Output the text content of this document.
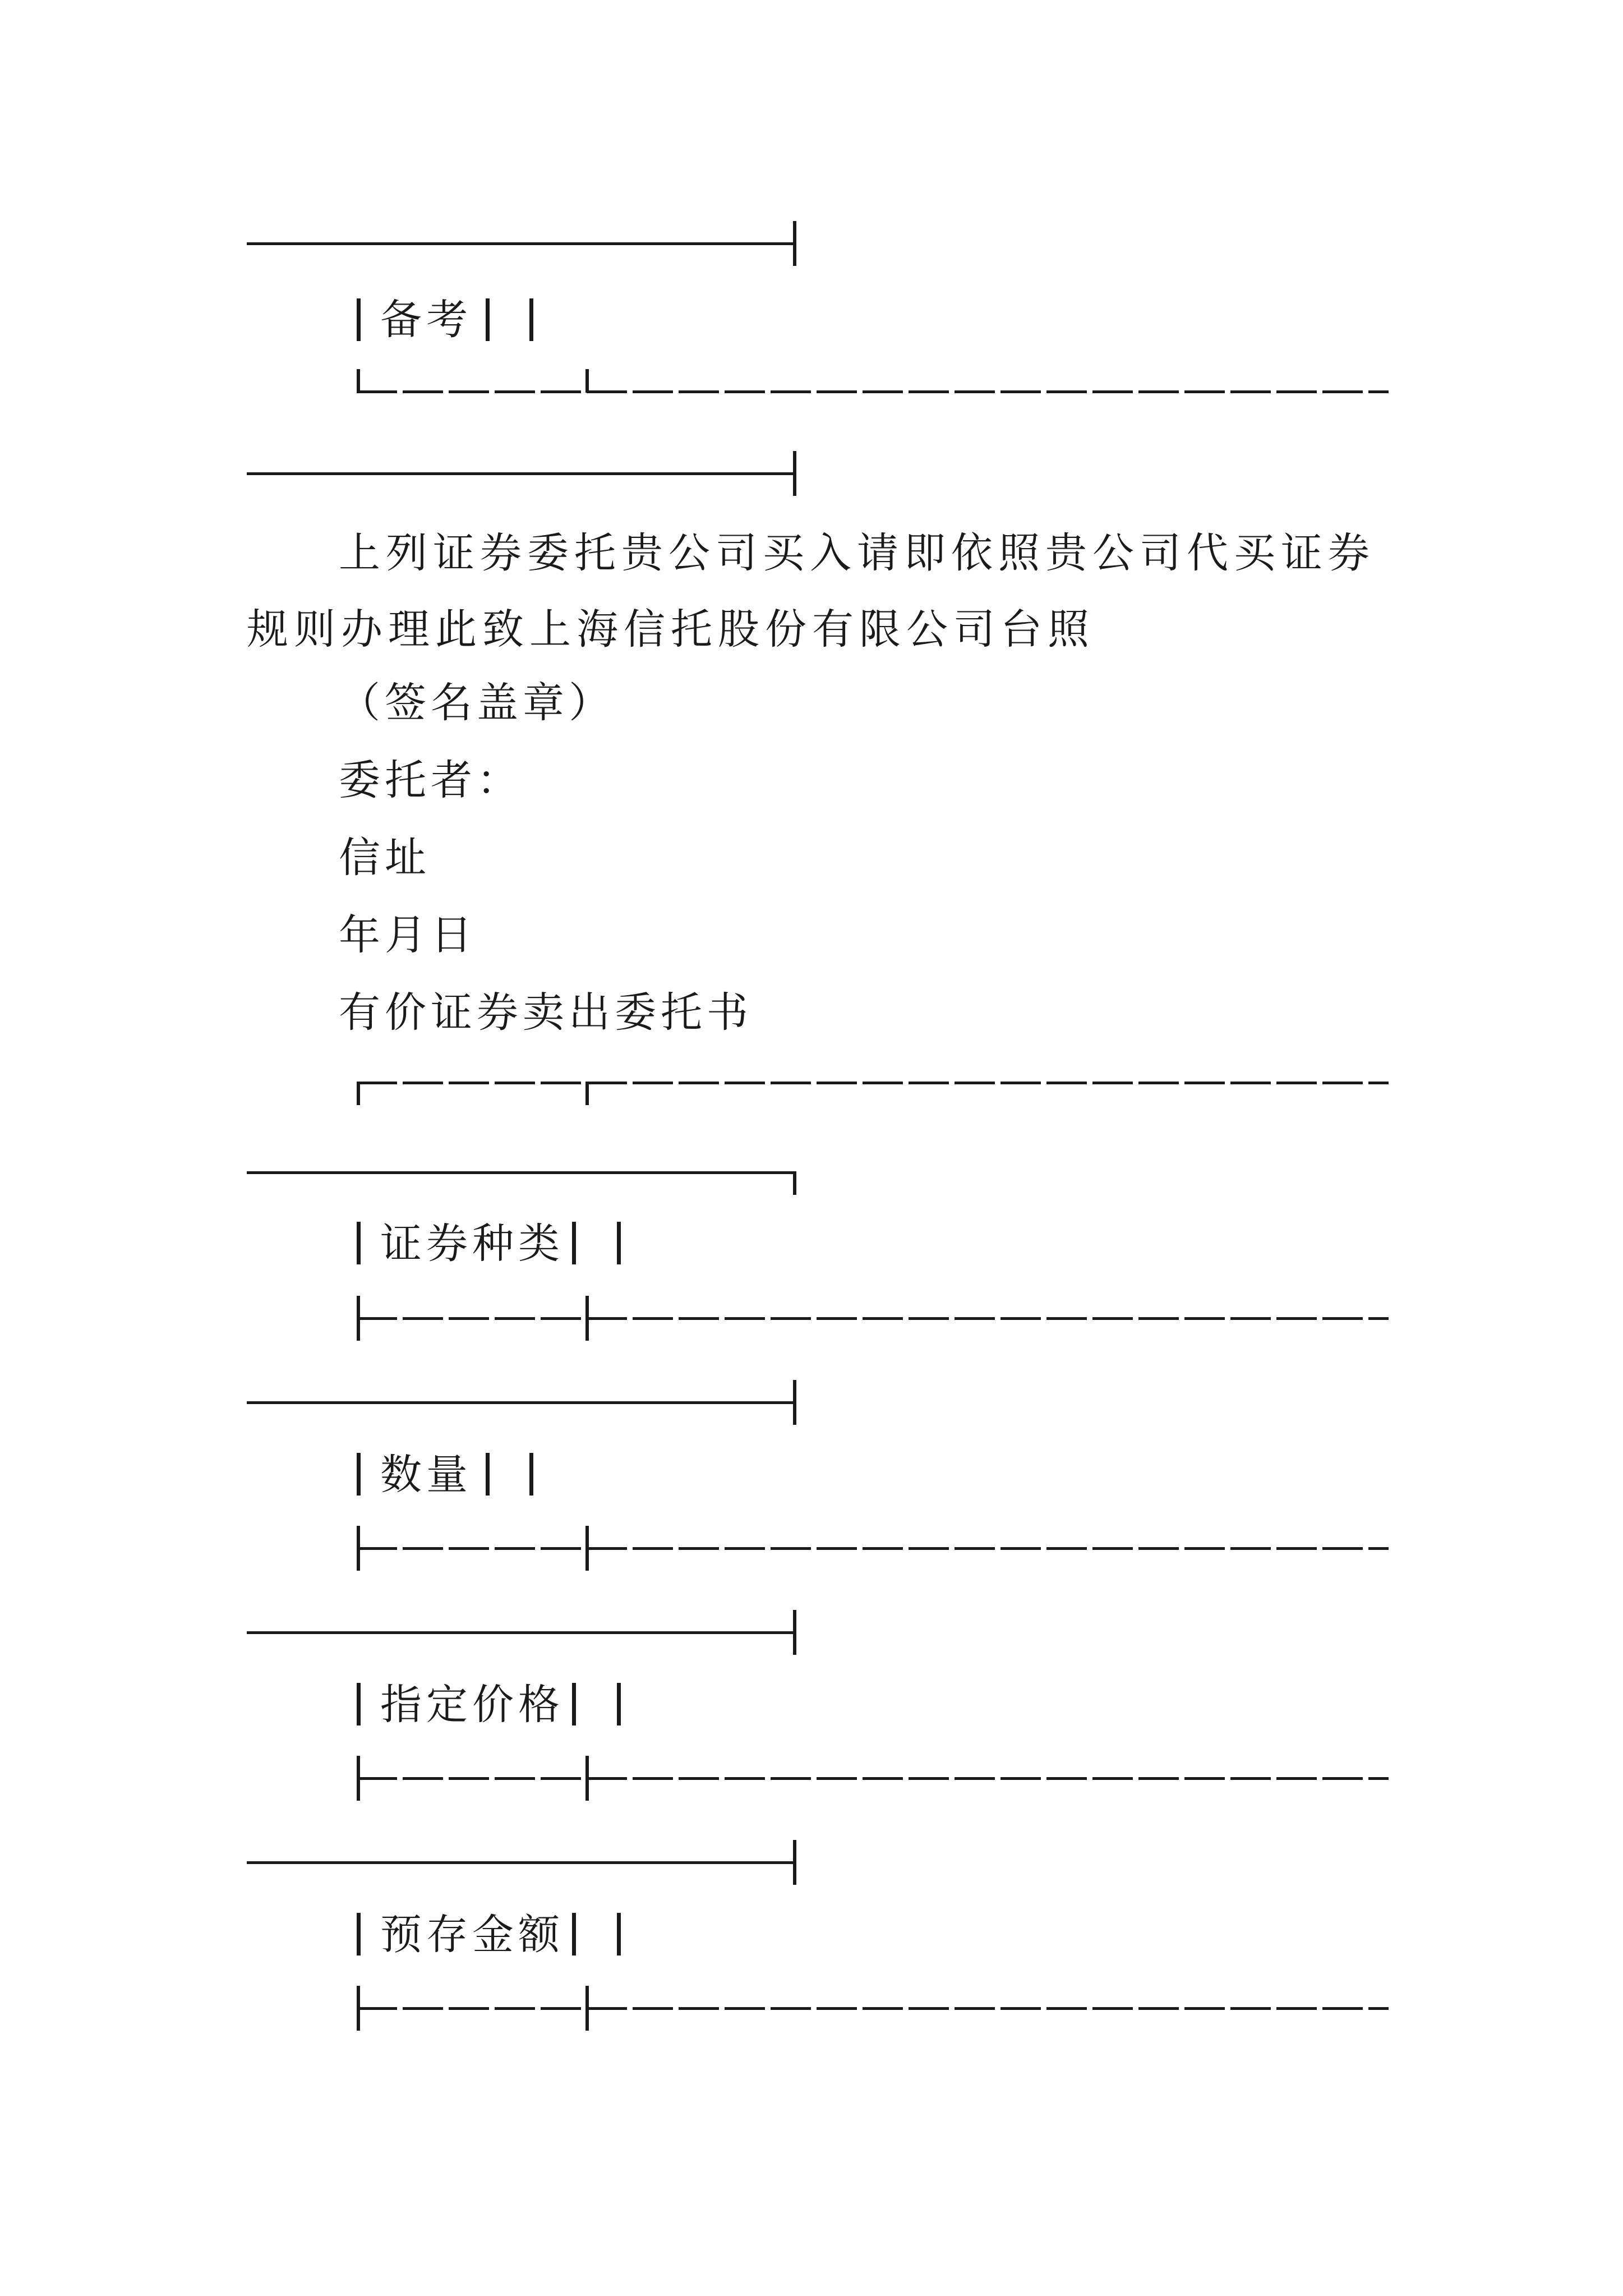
备考
上列证券委托贵公司买入请即依照贵公司代买证券规则办理此致上海信托股份有限公司台照
（签名盖章）
委托者：
信址
年月日
有价证券卖出委托书
证券种类
数量
指定价格
预存金额
